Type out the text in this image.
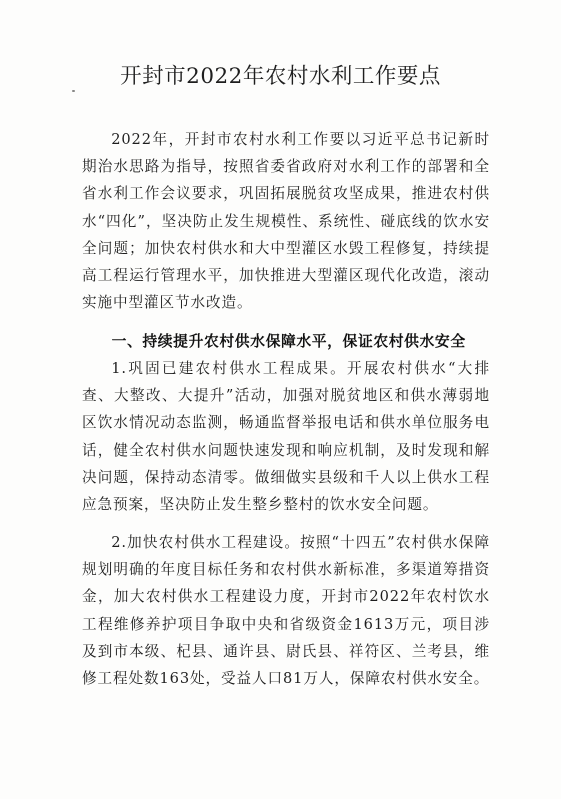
开封市2022年农村水利工作要点

2022年，开封市农村水利工作要以习近平总书记新时期治水思路为指导，按照省委省政府对水利工作的部署和全省水利工作会议要求，巩固拓展脱贫攻坚成果，推进农村供水“四化”，坚决防止发生规模性、系统性、碰底线的饮水安全问题；加快农村供水和大中型灌区水毁工程修复，持续提高工程运行管理水平，加快推进大型灌区现代化改造，滚动实施中型灌区节水改造。

一、持续提升农村供水保障水平，保证农村供水安全

1.巩固已建农村供水工程成果。开展农村供水“大排查、大整改、大提升”活动，加强对脱贫地区和供水薄弱地区饮水情况动态监测，畅通监督举报电话和供水单位服务电话，健全农村供水问题快速发现和响应机制，及时发现和解决问题，保持动态清零。做细做实县级和千人以上供水工程应急预案，坚决防止发生整乡整村的饮水安全问题。

2.加快农村供水工程建设。按照“十四五”农村供水保障规划明确的年度目标任务和农村供水新标准，多渠道筹措资金，加大农村供水工程建设力度，开封市2022年农村饮水工程维修养护项目争取中央和省级资金1613万元，项目涉及到市本级、杞县、通许县、尉氏县、祥符区、兰考县，维修工程处数163处，受益人口81万人，保障农村供水安全。
